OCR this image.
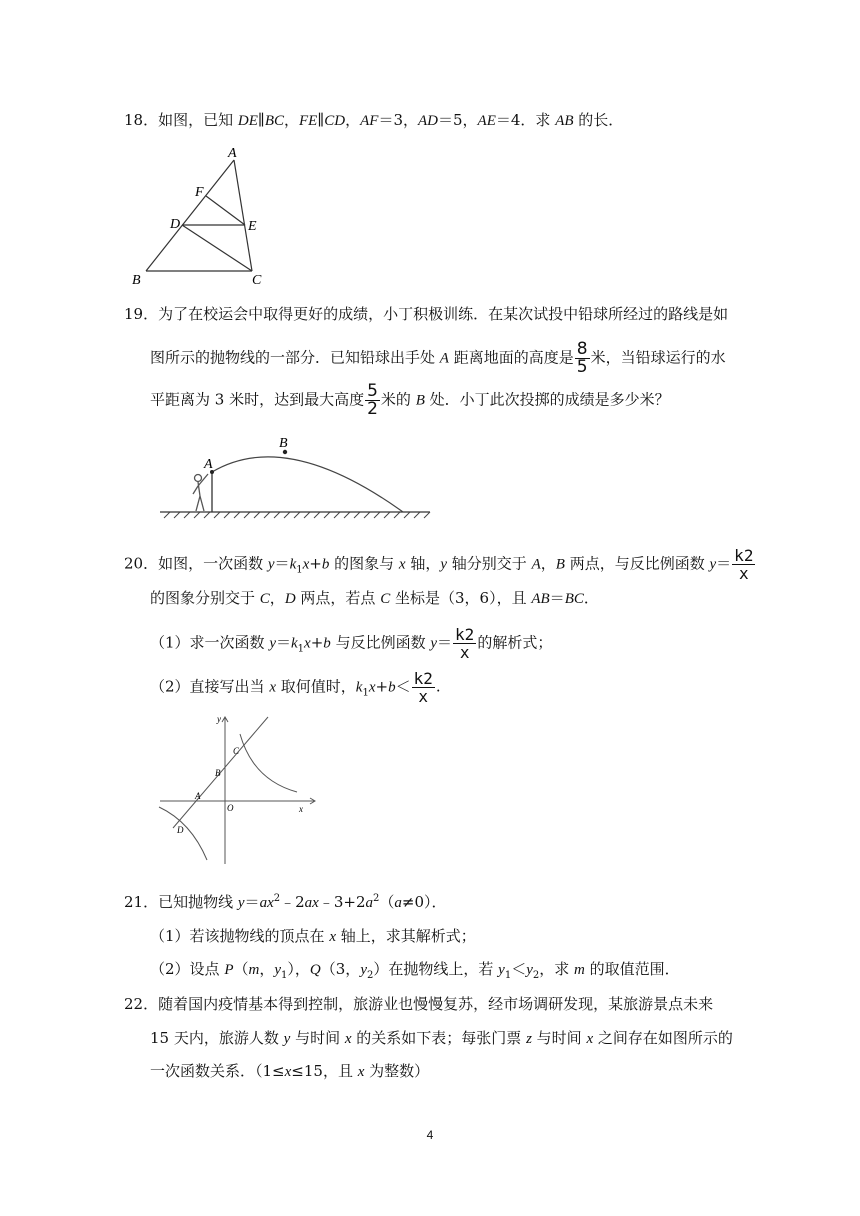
18．如图，已知 DE∥BC，FE∥CD，AF＝3，AD＝5，AE＝4．求 AB 的长．
A
F
D	E
B	C
19．为了在校运会中取得更好的成绩，小丁积极训练．在某次试投中铅球所经过的路线是如
图所示的抛物线的一部分．已知铅球出手处 A 距离地面的高度是 $\frac{8}{5}$ 米，当铅球运行的水
平距离为 3 米时，达到最大高度 $\frac{5}{2}$ 米的 B 处．小丁此次投掷的成绩是多少米？
A
B
20．如图，一次函数 $y=k_1x+b$ 的图象与 x 轴，y 轴分别交于 A，B 两点，与反比例函数 $y= \frac{k2}{x}$
的图象分别交于 C，D 两点，若点 C 坐标是（3，6），且 AB＝BC．
（1）求一次函数 $y=k_1x+b$ 与反比例函数 $y= \frac{k2}{x}$ 的解析式；
（2）直接写出当 x 取何值时，$k_1x+b< \frac{k2}{x}$ .
y
x
C
B
A
O
D
21．已知抛物线 $y=ax^2﹣2ax﹣3+2a^2(a\ne 0)$．
（1）若该抛物线的顶点在 x 轴上，求其解析式；
（2）设点 P（m，$y_1$），Q（3，$y_2$）在抛物线上，若 $y_1<y_2$，求 m 的取值范围．
22．随着国内疫情基本得到控制，旅游业也慢慢复苏，经市场调研发现，某旅游景点未来
15 天内，旅游人数 y 与时间 x 的关系如下表；每张门票 z 与时间 x 之间存在如图所示的
一次函数关系．（1≤x≤15，且 x 为整数）
4
